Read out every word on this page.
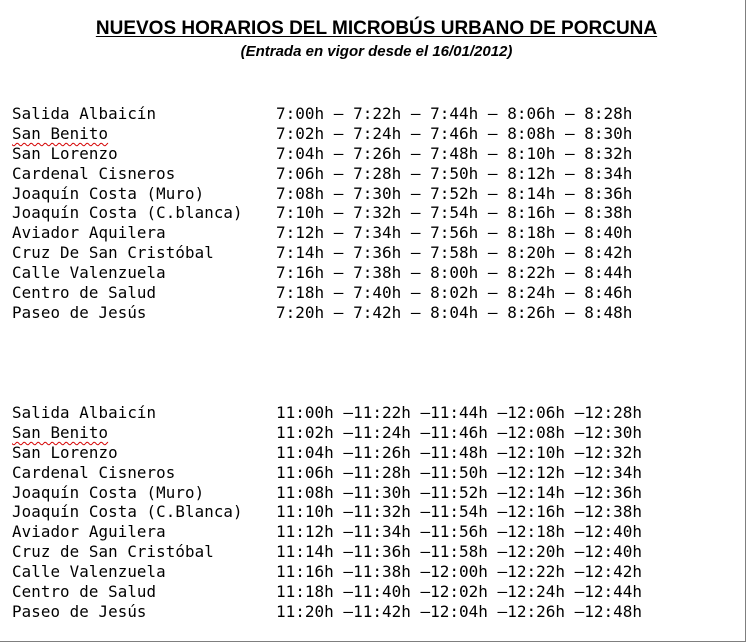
NUEVOS HORARIOS DEL MICROBÚS URBANO DE PORCUNA
(Entrada en vigor desde el 16/01/2012)
Salida Albaicín	7:00h — 7:22h — 7:44h — 8:06h — 8:28h
San Benito	7:02h — 7:24h — 7:46h — 8:08h — 8:30h
San Lorenzo	7:04h — 7:26h — 7:48h — 8:10h — 8:32h
Cardenal Cisneros	7:06h — 7:28h — 7:50h — 8:12h — 8:34h
Joaquín Costa (Muro)	7:08h — 7:30h — 7:52h — 8:14h — 8:36h
Joaquín Costa (C.blanca)	7:10h — 7:32h — 7:54h — 8:16h — 8:38h
Aviador Aquilera	7:12h — 7:34h — 7:56h — 8:18h — 8:40h
Cruz De San Cristóbal	7:14h — 7:36h — 7:58h — 8:20h — 8:42h
Calle Valenzuela	7:16h — 7:38h — 8:00h — 8:22h — 8:44h
Centro de Salud	7:18h — 7:40h — 8:02h — 8:24h — 8:46h
Paseo de Jesús	7:20h — 7:42h — 8:04h — 8:26h — 8:48h
Salida Albaicín	11:00h —11:22h —11:44h —12:06h —12:28h
San Benito	11:02h —11:24h —11:46h —12:08h —12:30h
San Lorenzo	11:04h —11:26h —11:48h —12:10h —12:32h
Cardenal Cisneros	11:06h —11:28h —11:50h —12:12h —12:34h
Joaquín Costa (Muro)	11:08h —11:30h —11:52h —12:14h —12:36h
Joaquín Costa (C.Blanca)	11:10h —11:32h —11:54h —12:16h —12:38h
Aviador Aguilera	11:12h —11:34h —11:56h —12:18h —12:40h
Cruz de San Cristóbal	11:14h —11:36h —11:58h —12:20h —12:40h
Calle Valenzuela	11:16h —11:38h —12:00h —12:22h —12:42h
Centro de Salud	11:18h —11:40h —12:02h —12:24h —12:44h
Paseo de Jesús	11:20h —11:42h —12:04h —12:26h —12:48h
